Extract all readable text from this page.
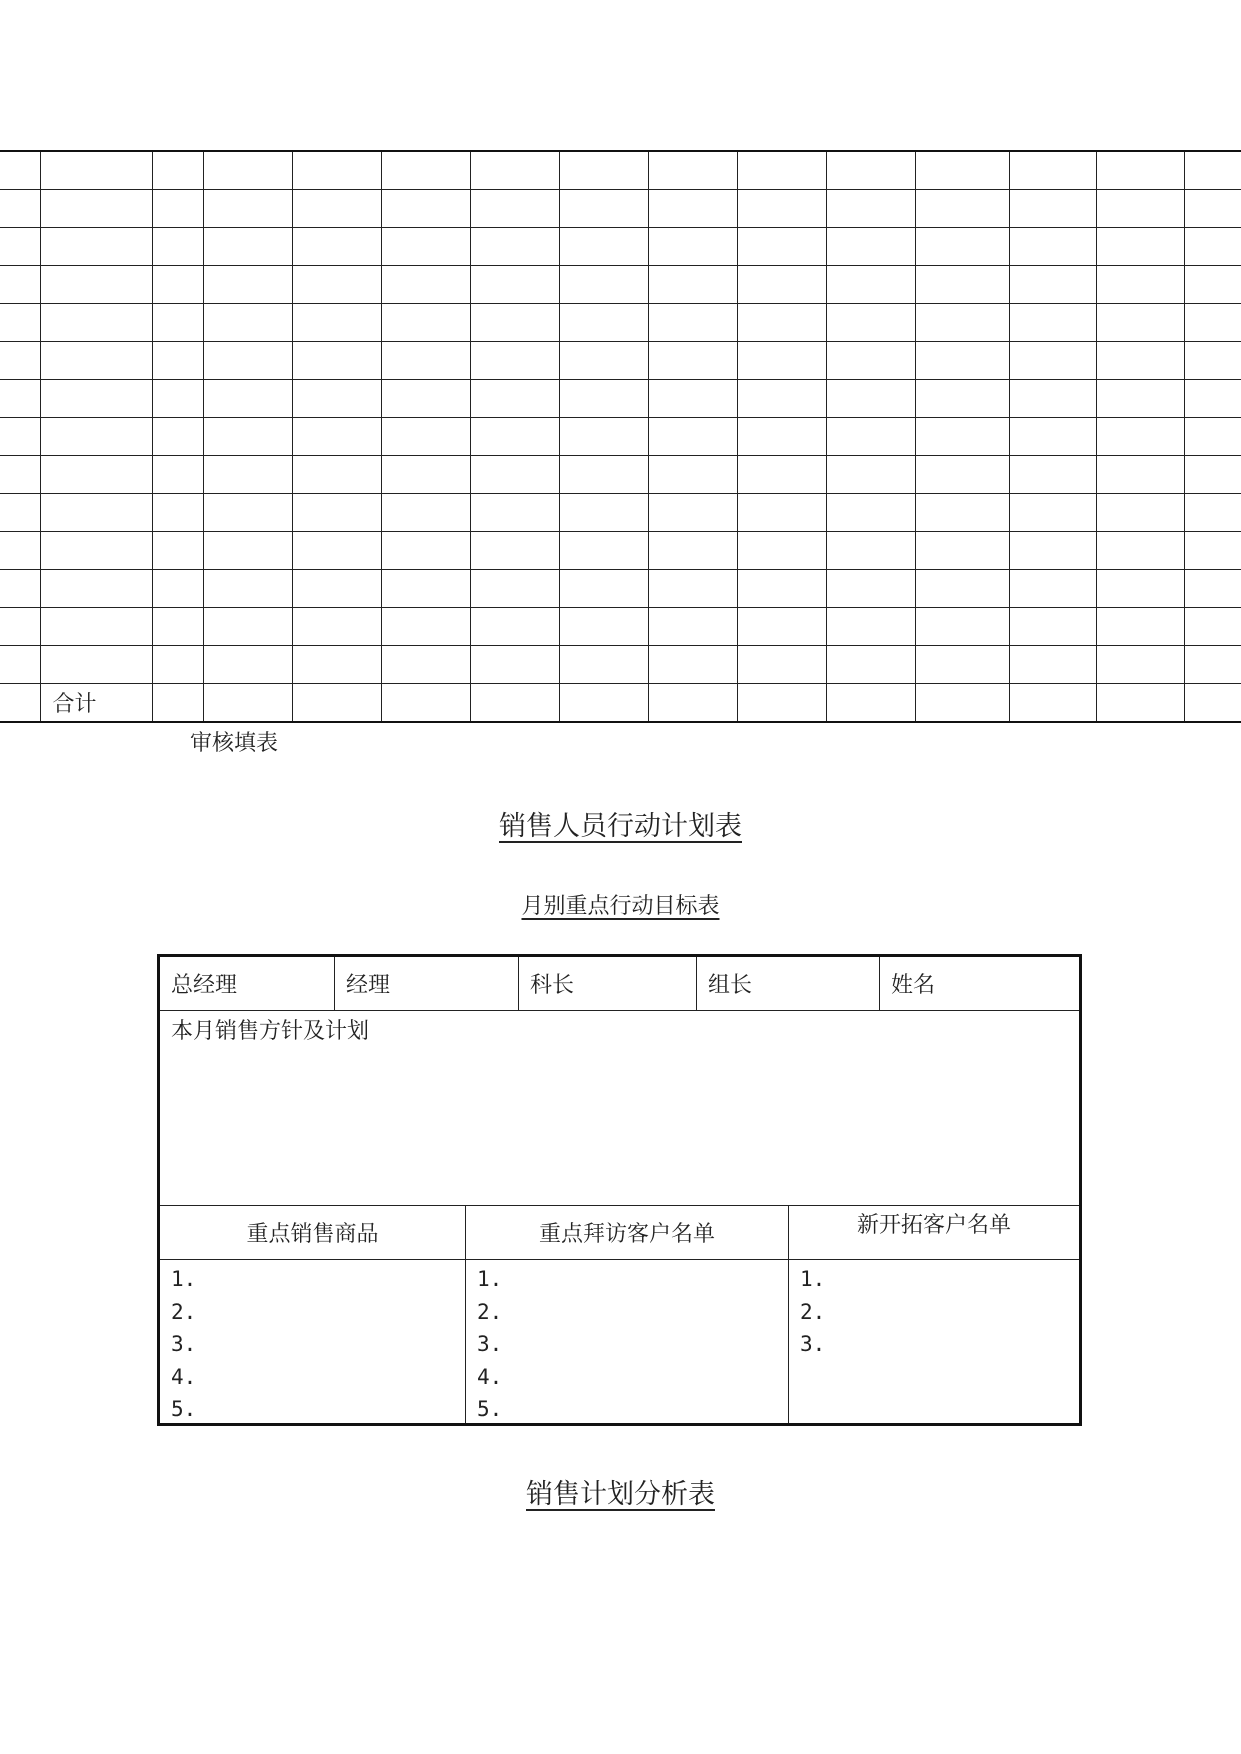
	合计													
审核填表
销售人员行动计划表
月别重点行动目标表
总经理	经理	科长	组长	姓名
本月销售方针及计划
重点销售商品	重点拜访客户名单	新开拓客户名单
1.
2.
3.
4.
5.
1.
2.
3.
4.
5.
1.
2.
3.
销售计划分析表
